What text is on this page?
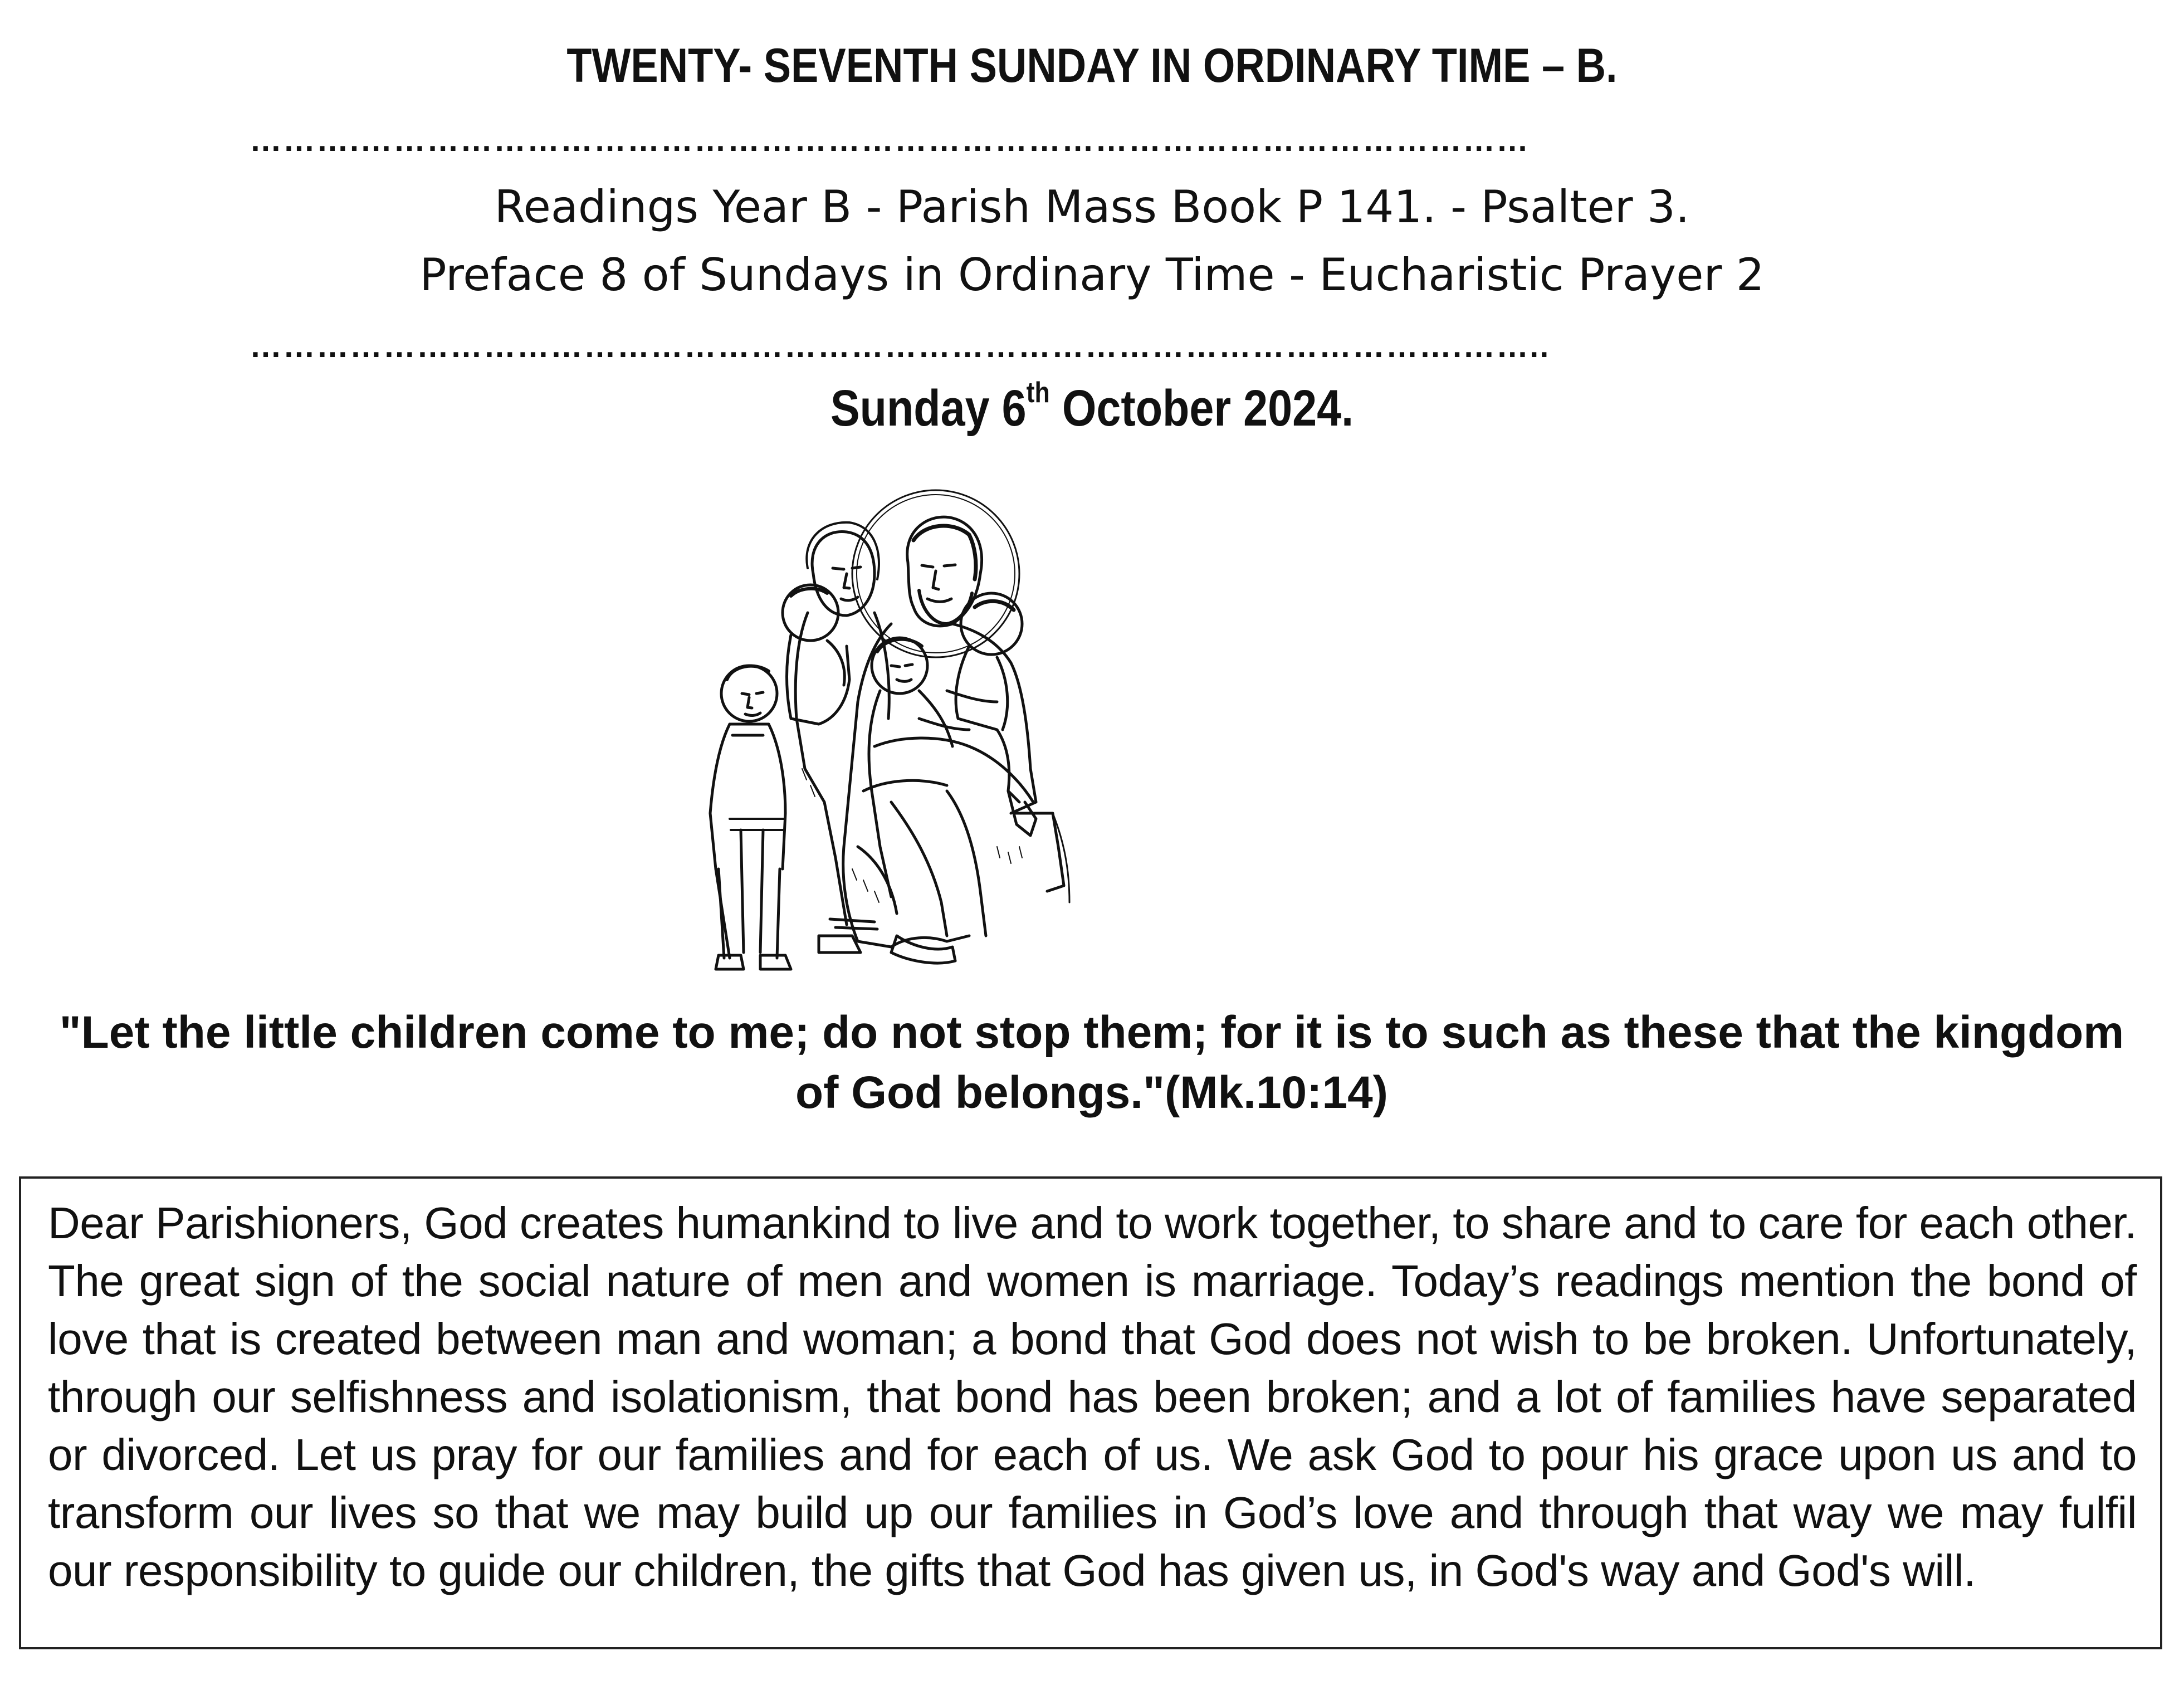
TWENTY- SEVENTH SUNDAY IN ORDINARY TIME – B.
……….……………………………………………………………………………………………
Readings Year B - Parish Mass Book P 141. - Psalter 3.
Preface 8 of Sundays in Ordinary Time - Eucharistic Prayer 2
……………………………………………………………………………………………….……..
Sunday 6th October 2024.
"Let the little children come to me; do not stop them; for it is to such as these that the kingdom of God belongs."(Mk.10:14)
Dear Parishioners, God creates humankind to live and to work together, to share and to care for each other. The great sign of the social nature of men and women is marriage. Today’s readings mention the bond of love that is created between man and woman; a bond that God does not wish to be broken. Unfortunately, through our selfishness and isolationism, that bond has been broken; and a lot of families have separated or divorced. Let us pray for our families and for each of us. We ask God to pour his grace upon us and to transform our lives so that we may build up our families in God’s love and through that way we may fulfil our responsibility to guide our children, the gifts that God has given us, in God's way and God's will.
